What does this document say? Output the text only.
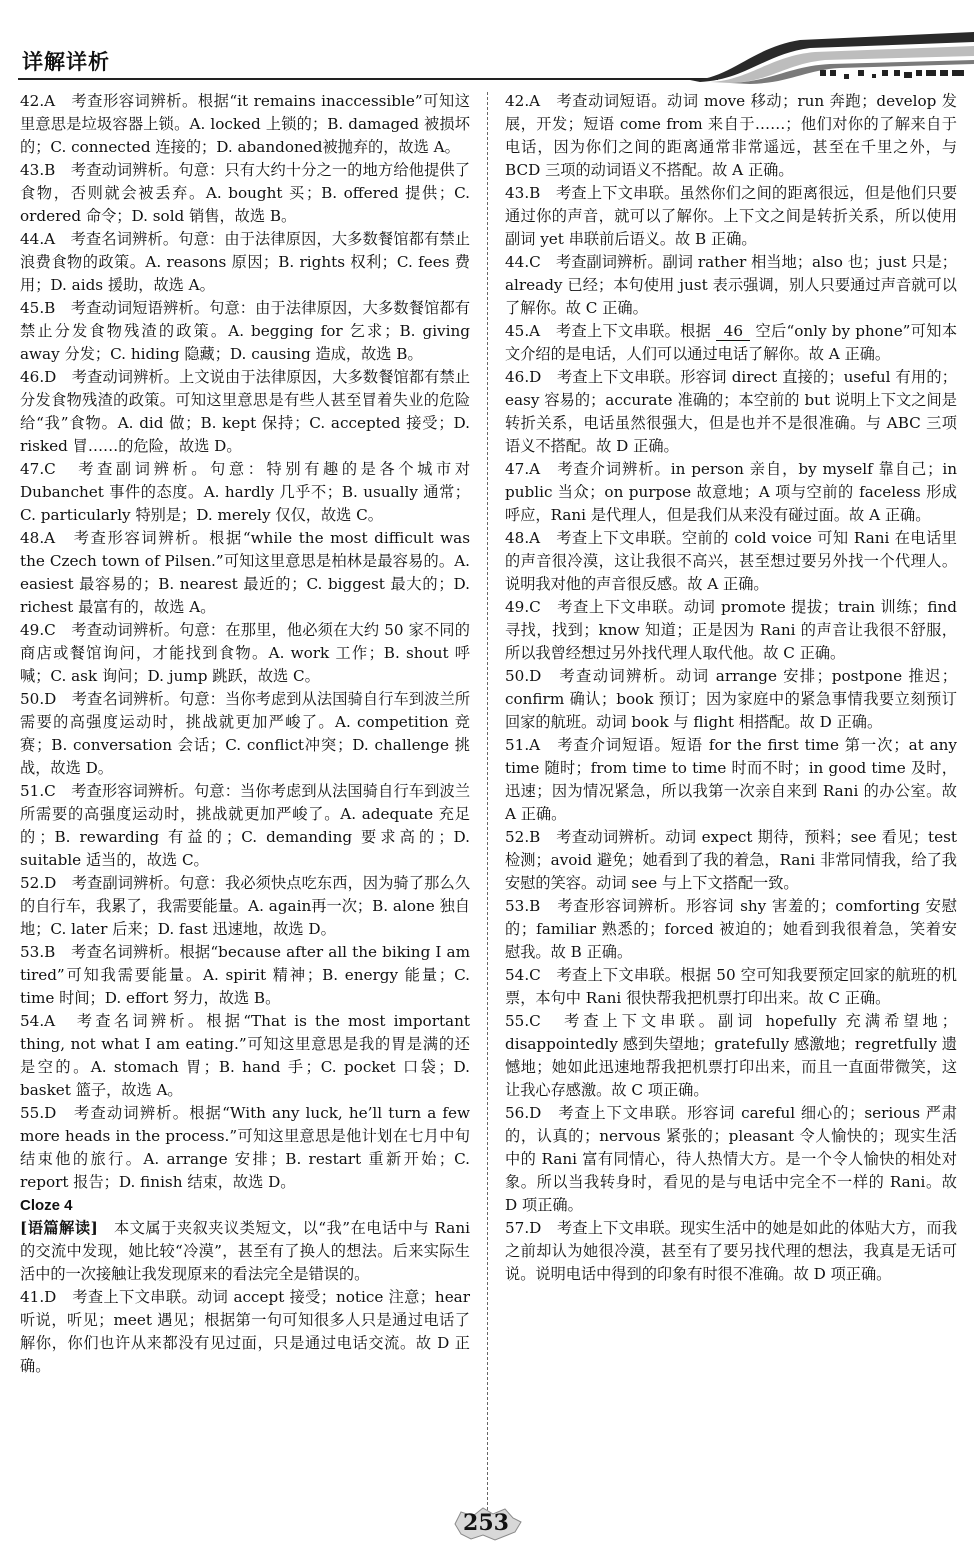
详解详析
42.A　考查形容词辨析。根据“it remains inaccessible”可知这里意思是垃圾容器上锁。A. locked 上锁的；B. damaged 被损坏的；C. connected 连接的；D. abandoned被抛弃的，故选 A。
43.B　考查动词辨析。句意：只有大约十分之一的地方给他提供了食物，否则就会被丢弃。A. bought 买；B. offered 提供；C. ordered 命令；D. sold 销售，故选 B。
44.A　考查名词辨析。句意：由于法律原因，大多数餐馆都有禁止浪费食物的政策。A. reasons 原因；B. rights 权利；C. fees 费用；D. aids 援助，故选 A。
45.B　考查动词短语辨析。句意：由于法律原因，大多数餐馆都有禁止分发食物残渣的政策。A. begging for 乞求；B. giving away 分发；C. hiding 隐藏；D. causing 造成，故选 B。
46.D　考查动词辨析。上文说由于法律原因，大多数餐馆都有禁止分发食物残渣的政策。可知这里意思是有些人甚至冒着失业的危险给“我”食物。A. did 做；B. kept 保持；C. accepted 接受；D. risked 冒……的危险，故选 D。
47.C　考查副词辨析。句意：特别有趣的是各个城市对Dubanchet 事件的态度。A. hardly 几乎不；B. usually 通常；C. particularly 特别是；D. merely 仅仅，故选 C。
48.A　考查形容词辨析。根据“while the most difficult was the Czech town of Pilsen.”可知这里意思是柏林是最容易的。A. easiest 最容易的；B. nearest 最近的；C. biggest 最大的；D. richest 最富有的，故选 A。
49.C　考查动词辨析。句意：在那里，他必须在大约 50 家不同的商店或餐馆询问，才能找到食物。A. work 工作；B. shout 呼喊；C. ask 询问；D. jump 跳跃，故选 C。
50.D　考查名词辨析。句意：当你考虑到从法国骑自行车到波兰所需要的高强度运动时，挑战就更加严峻了。A. competition 竞赛；B. conversation 会话；C. conflict冲突；D. challenge 挑战，故选 D。
51.C　考查形容词辨析。句意：当你考虑到从法国骑自行车到波兰所需要的高强度运动时，挑战就更加严峻了。A. adequate 充足的；B. rewarding 有益的；C. demanding 要求高的；D. suitable 适当的，故选 C。
52.D　考查副词辨析。句意：我必须快点吃东西，因为骑了那么久的自行车，我累了，我需要能量。A. again再一次；B. alone 独自地；C. later 后来；D. fast 迅速地，故选 D。
53.B　考查名词辨析。根据“because after all the biking I am tired”可知我需要能量。A. spirit 精神；B. energy 能量；C. time 时间；D. effort 努力，故选 B。
54.A　考查名词辨析。根据“That is the most important thing, not what I am eating.”可知这里意思是我的胃是满的还是空的。A. stomach 胃；B. hand 手；C. pocket 口袋；D. basket 篮子，故选 A。
55.D　考查动词辨析。根据“With any luck, he’ll turn a few more heads in the process.”可知这里意思是他计划在七月中旬结束他的旅行。A. arrange 安排；B. restart 重新开始；C. report 报告；D. finish 结束，故选 D。
Cloze 4
[语篇解读]　本文属于夹叙夹议类短文，以“我”在电话中与 Rani 的交流中发现，她比较“冷漠”，甚至有了换人的想法。后来实际生活中的一次接触让我发现原来的看法完全是错误的。
41.D　考查上下文串联。动词 accept 接受；notice 注意；hear 听说，听见；meet 遇见；根据第一句可知很多人只是通过电话了解你，你们也许从来都没有见过面，只是通过电话交流。故 D 正确。
42.A　考查动词短语。动词 move 移动；run 奔跑；develop 发展，开发；短语 come from 来自于……；他们对你的了解来自于电话，因为你们之间的距离通常非常遥远，甚至在千里之外，与 BCD 三项的动词语义不搭配。故 A 正确。
43.B　考查上下文串联。虽然你们之间的距离很远，但是他们只要通过你的声音，就可以了解你。上下文之间是转折关系，所以使用副词 yet 串联前后语义。故 B 正确。
44.C　考查副词辨析。副词 rather 相当地；also 也；just 只是；already 已经；本句使用 just 表示强调，别人只要通过声音就可以了解你。故 C 正确。
45.A　考查上下文串联。根据 46 空后“only by phone”可知本文介绍的是电话，人们可以通过电话了解你。故 A 正确。
46.D　考查上下文串联。形容词 direct 直接的；useful 有用的；easy 容易的；accurate 准确的；本空前的 but 说明上下文之间是转折关系，电话虽然很强大，但是也并不是很准确。与 ABC 三项语义不搭配。故 D 正确。
47.A　考查介词辨析。in person 亲自，by myself 靠自己；in public 当众；on purpose 故意地；A 项与空前的 faceless 形成呼应，Rani 是代理人，但是我们从来没有碰过面。故 A 正确。
48.A　考查上下文串联。空前的 cold voice 可知 Rani 在电话里的声音很冷漠，这让我很不高兴，甚至想过要另外找一个代理人。说明我对他的声音很反感。故 A 正确。
49.C　考查上下文串联。动词 promote 提拔；train 训练；find 寻找，找到；know 知道；正是因为 Rani 的声音让我很不舒服，所以我曾经想过另外找代理人取代他。故 C 正确。
50.D　考查动词辨析。动词 arrange 安排；postpone 推迟；confirm 确认；book 预订；因为家庭中的紧急事情我要立刻预订回家的航班。动词 book 与 flight 相搭配。故 D 正确。
51.A　考查介词短语。短语 for the first time 第一次；at any time 随时；from time to time 时而不时；in good time 及时，迅速；因为情况紧急，所以我第一次亲自来到 Rani 的办公室。故 A 正确。
52.B　考查动词辨析。动词 expect 期待，预料；see 看见；test 检测；avoid 避免；她看到了我的着急，Rani 非常同情我，给了我安慰的笑容。动词 see 与上下文搭配一致。
53.B　考查形容词辨析。形容词 shy 害羞的；comforting 安慰的；familiar 熟悉的；forced 被迫的；她看到我很着急，笑着安慰我。故 B 正确。
54.C　考查上下文串联。根据 50 空可知我要预定回家的航班的机票，本句中 Rani 很快帮我把机票打印出来。故 C 正确。
55.C　考查上下文串联。副词 hopefully 充满希望地；disappointedly 感到失望地；gratefully 感激地；regretfully 遗憾地；她如此迅速地帮我把机票打印出来，而且一直面带微笑，这让我心存感激。故 C 项正确。
56.D　考查上下文串联。形容词 careful 细心的；serious 严肃的，认真的；nervous 紧张的；pleasant 令人愉快的；现实生活中的 Rani 富有同情心，待人热情大方。是一个令人愉快的相处对象。所以当我转身时，看见的是与电话中完全不一样的 Rani。故 D 项正确。
57.D　考查上下文串联。现实生活中的她是如此的体贴大方，而我之前却认为她很冷漠，甚至有了要另找代理的想法，我真是无话可说。说明电话中得到的印象有时很不准确。故 D 项正确。
253
